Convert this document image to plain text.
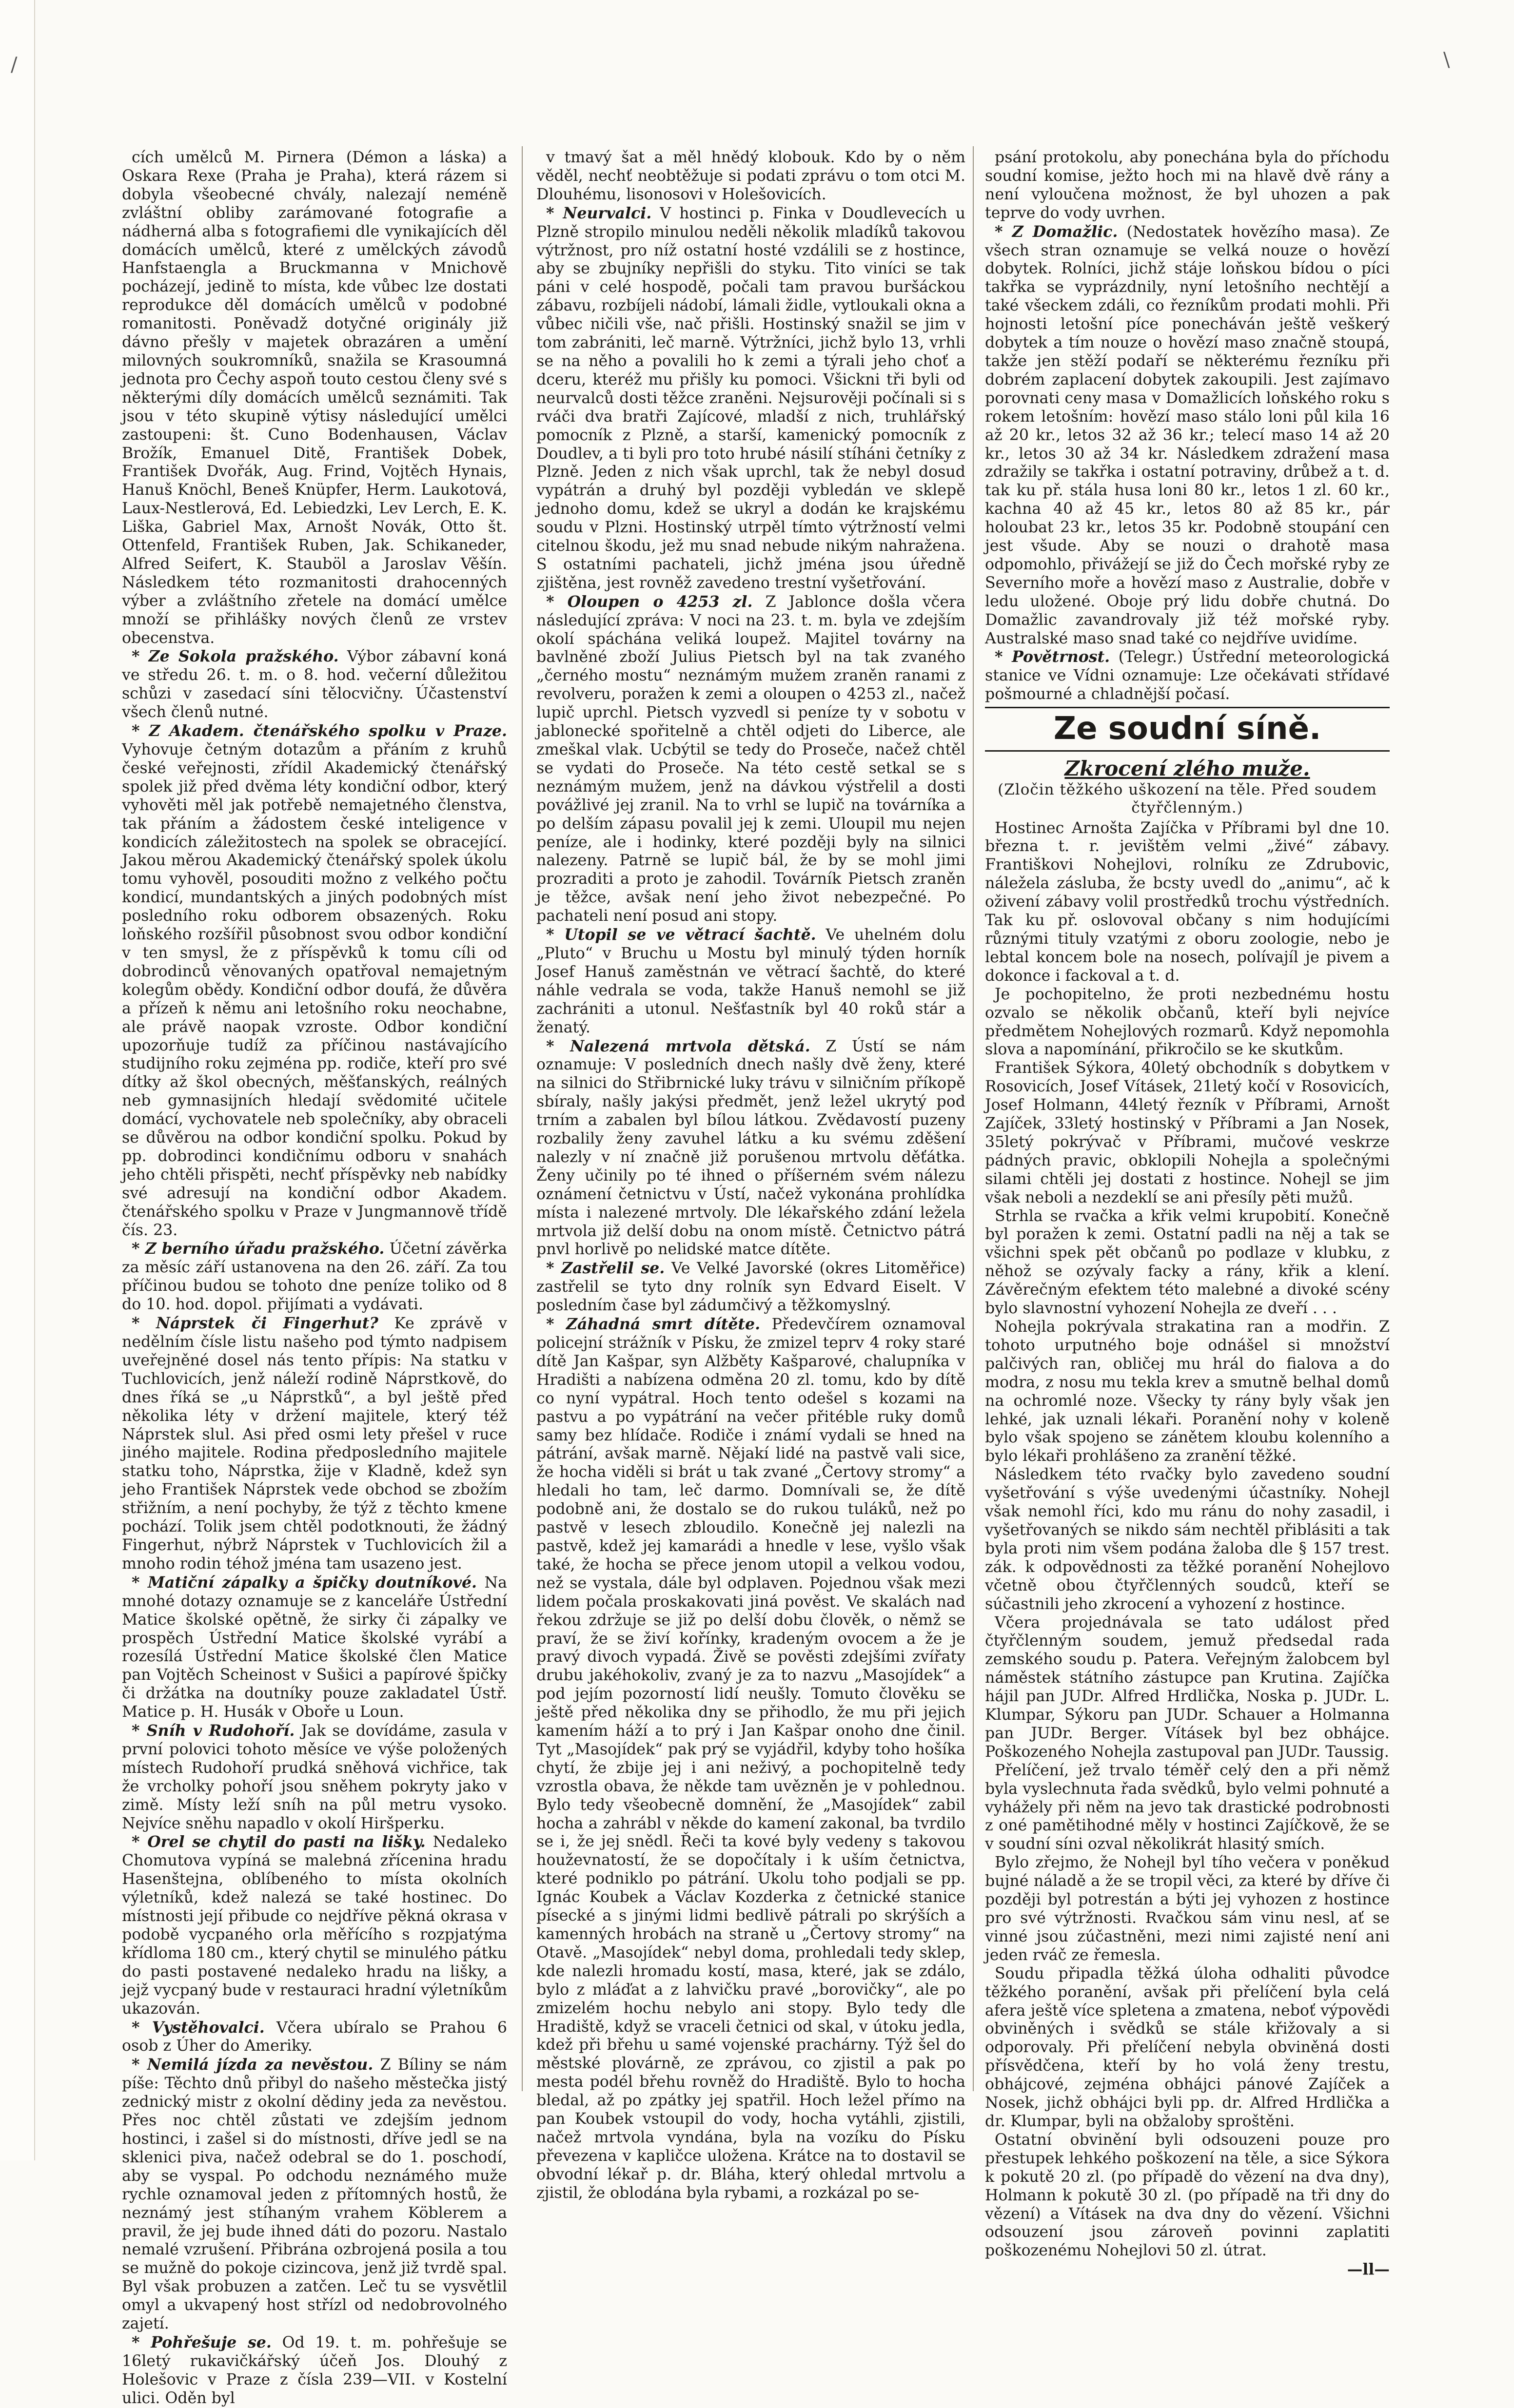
/	\

cích umělců M. Pirnera (Démon a láska) a Oskara Rexe (Praha je Praha), která rázem si dobyla všeobecné chvály, nalezají neméně zvláštní obliby zarámované fotografie a nádherná alba s fotografiemi dle vynikajících děl domácích umělců, které z umělckých závodů Hanfstaengla a Bruckmanna v Mnichově pocházejí, jedině to místa, kde vůbec lze dostati reprodukce děl domácích umělců v podobné romanitosti. Poněvadž dotyčné originály již dávno přešly v majetek obrazáren a umění milovných soukromníků, snažila se Krasoumná jednota pro Čechy aspoň touto cestou členy své s některými díly domácích umělců seznámiti. Tak jsou v této skupině výtisy následující umělci zastoupeni: št. Cuno Bodenhausen, Václav Brožík, Emanuel Ditě, František Dobek, František Dvořák, Aug. Frind, Vojtěch Hynais, Hanuš Knöchl, Beneš Knüpfer, Herm. Laukotová, Laux-Nestlerová, Ed. Lebiedzki, Lev Lerch, E. K. Liška, Gabriel Max, Arnošt Novák, Otto št. Ottenfeld, František Ruben, Jak. Schikaneder, Alfred Seifert, K. Stauböl a Jaroslav Věšín. Následkem této rozmanitosti drahocenných výber a zvláštního zřetele na domácí umělce množí se přihlášky nových členů ze vrstev obecenstva.

* Ze Sokola pražského. Výbor zábavní koná ve středu 26. t. m. o 8. hod. večerní důležitou schůzi v zasedací síni tělocvičny. Účastenství všech členů nutné.

* Z Akadem. čtenářského spolku v Praze. Vyhovuje četným dotazům a přáním z kruhů české veřejnosti, zřídil Akademický čtenářský spolek již před dvěma léty kondiční odbor, který vyhověti měl jak potřebě nemajetného členstva, tak přáním a žádostem české inteligence v kondicích záležitostech na spolek se obracející. Jakou měrou Akademický čtenářský spolek úkolu tomu vyhověl, posouditi možno z velkého počtu kondicí, mundantských a jiných podobných míst posledního roku odborem obsazených. Roku loňského rozšířil působnost svou odbor kondiční v ten smysl, že z příspěvků k tomu cíli od dobrodinců věnovaných opatřoval nemajetným kolegům obědy. Kondiční odbor doufá, že důvěra a přízeň k němu ani letošního roku neochabne, ale právě naopak vzroste. Odbor kondiční upozorňuje tudíž za příčinou nastávajícího studijního roku zejména pp. rodiče, kteří pro své dítky až škol obecných, měšťanských, reálných neb gymnasijních hledají svědomité učitele domácí, vychovatele neb společníky, aby obraceli se důvěrou na odbor kondiční spolku. Pokud by pp. dobrodinci kondičnímu odboru v snahách jeho chtěli přispěti, nechť příspěvky neb nabídky své adresují na kondiční odbor Akadem. čtenářského spolku v Praze v Jungmannově třídě čís. 23.

* Z berního úřadu pražského. Účetní závěrka za měsíc září ustanovena na den 26. září. Za tou příčinou budou se tohoto dne peníze toliko od 8 do 10. hod. dopol. přijímati a vydávati.

* Náprstek či Fingerhut? Ke zprávě v nedělním čísle listu našeho pod týmto nadpisem uveřejněné dosel nás tento přípis: Na statku v Tuchlovicích, jenž náleží rodině Náprstkově, do dnes říká se „u Náprstků“, a byl ještě před několika léty v držení majitele, který též Náprstek slul. Asi před osmi lety přešel v ruce jiného majitele. Rodina předposledního majitele statku toho, Náprstka, žije v Kladně, kdež syn jeho František Náprstek vede obchod se zbožím střižním, a není pochyby, že týž z těchto kmene pochází. Tolik jsem chtěl podotknouti, že žádný Fingerhut, nýbrž Náprstek v Tuchlovicích žil a mnoho rodin téhož jména tam usazeno jest.

* Matiční zápalky a špičky doutníkové. Na mnohé dotazy oznamuje se z kanceláře Ústřední Matice školské opětně, že sirky či zápalky ve prospěch Ústřední Matice školské vyrábí a rozesílá Ústřední Matice školské člen Matice pan Vojtěch Scheinost v Sušici a papírové špičky či držátka na doutníky pouze zakladatel Ústř. Matice p. H. Husák v Oboře u Loun.

* Sníh v Rudohoří. Jak se dovídáme, zasula v první polovici tohoto měsíce ve výše položených místech Rudohoří prudká sněhová vichřice, tak že vrcholky pohoří jsou sněhem pokryty jako v zimě. Místy leží sníh na půl metru vysoko. Nejvíce sněhu napadlo v okolí Hiršperku.

* Orel se chytil do pasti na lišky. Nedaleko Chomutova vypíná se malebná zřícenina hradu Hasenštejna, oblíbeného to místa okolních výletníků, kdež nalezá se také hostinec. Do místnosti její přibude co nejdříve pěkná okrasa v podobě vycpaného orla měřícího s rozpjatýma křídloma 180 cm., který chytil se minulého pátku do pasti postavené nedaleko hradu na lišky, a jejž vycpaný bude v restauraci hradní výletníkům ukazován.

* Vystěhovalci. Včera ubíralo se Prahou 6 osob z Úher do Ameriky.

* Nemilá jízda za nevěstou. Z Bíliny se nám píše: Těchto dnů přibyl do našeho městečka jistý zednický mistr z okolní dědiny jeda za nevěstou. Přes noc chtěl zůstati ve zdejším jednom hostinci, i zašel si do místnosti, dříve jedl se na sklenici piva, načež odebral se do 1. poschodí, aby se vyspal. Po odchodu neznámého muže rychle oznamoval jeden z přítomných hostů, že neznámý jest stíhaným vrahem Köblerem a pravil, že jej bude ihned dáti do pozoru. Nastalo nemalé vzrušení. Přibrána ozbrojená posila a tou se mužně do pokoje cizincova, jenž již tvrdě spal. Byl však probuzen a zatčen. Leč tu se vysvětlil omyl a ukvapený host střízl od nedobrovolného zajetí.

* Pohřešuje se. Od 19. t. m. pohřešuje se 16letý rukavičkářský účeň Jos. Dlouhý z Holešovic v Praze z čísla 239—VII. v Kostelní ulici. Oděn byl

v tmavý šat a měl hnědý klobouk. Kdo by o něm věděl, nechť neobtěžuje si podati zprávu o tom otci M. Dlouhému, lisonosovi v Holešovicích.

* Neurvalci. V hostinci p. Finka v Doudlevecích u Plzně stropilo minulou neděli několik mladíků takovou výtržnost, pro níž ostatní hosté vzdálili se z hostince, aby se zbujníky nepřišli do styku. Tito viníci se tak páni v celé hospodě, počali tam pravou buršáckou zábavu, rozbíjeli nádobí, lámali židle, vytloukali okna a vůbec ničili vše, nač přišli. Hostinský snažil se jim v tom zabrániti, leč marně. Výtržníci, jichž bylo 13, vrhli se na něho a povalili ho k zemi a týrali jeho choť a dceru, kteréž mu přišly ku pomoci. Všickni tři byli od neurvalců dosti těžce zraněni. Nejsurověji počínali si s rváči dva bratři Zajícové, mladší z nich, truhlářský pomocník z Plzně, a starší, kamenický pomocník z Doudlev, a ti byli pro toto hrubé násilí stíháni četníky z Plzně. Jeden z nich však uprchl, tak že nebyl dosud vypátrán a druhý byl později vybledán ve sklepě jednoho domu, kdež se ukryl a dodán ke krajskému soudu v Plzni. Hostinský utrpěl tímto výtržností velmi citelnou škodu, jež mu snad nebude nikým nahražena. S ostatními pachateli, jichž jména jsou úředně zjištěna, jest rovněž zavedeno trestní vyšetřování.

* Oloupen o 4253 zl. Z Jablonce došla včera následující zpráva: V noci na 23. t. m. byla ve zdejším okolí spáchána veliká loupež. Majitel továrny na bavlněné zboží Julius Pietsch byl na tak zvaného „černého mostu“ neznámým mužem zraněn ranami z revolveru, poražen k zemi a oloupen o 4253 zl., načež lupič uprchl. Pietsch vyzvedl si peníze ty v sobotu v jablonecké spořitelně a chtěl odjeti do Liberce, ale zmeškal vlak. Ucbýtil se tedy do Proseče, načež chtěl se vydati do Proseče. Na této cestě setkal se s neznámým mužem, jenž na dávkou výstřelil a dosti povážlivé jej zranil. Na to vrhl se lupič na továrníka a po delším zápasu povalil jej k zemi. Uloupil mu nejen peníze, ale i hodinky, které později byly na silnici nalezeny. Patrně se lupič bál, že by se mohl jimi prozraditi a proto je zahodil. Továrník Pietsch zraněn je těžce, avšak není jeho život nebezpečné. Po pachateli není posud ani stopy.

* Utopil se ve větrací šachtě. Ve uhelném dolu „Pluto“ v Bruchu u Mostu byl minulý týden horník Josef Hanuš zaměstnán ve větrací šachtě, do které náhle vedrala se voda, takže Hanuš nemohl se již zachrániti a utonul. Nešťastník byl 40 roků stár a ženatý.

* Nalezená mrtvola dětská. Z Ústí se nám oznamuje: V posledních dnech našly dvě ženy, které na silnici do Střibrnické luky trávu v silničním příkopě sbíraly, našly jakýsi předmět, jenž ležel ukrytý pod trním a zabalen byl bílou látkou. Zvědavostí puzeny rozbalily ženy zavuhel látku a ku svému zděšení nalezly v ní značně již porušenou mrtvolu děťátka. Ženy učinily po té ihned o příšerném svém nálezu oznámení četnictvu v Ústí, načež vykonána prohlídka místa i nalezené mrtvoly. Dle lékařského zdání ležela mrtvola již delší dobu na onom místě. Četnictvo pátrá pnvl horlivě po nelidské matce dítěte.

* Zastřelil se. Ve Velké Javorské (okres Litoměřice) zastřelil se tyto dny rolník syn Edvard Eiselt. V posledním čase byl zádumčivý a těžkomyslný.

* Záhadná smrt dítěte. Předevčírem oznamoval policejní strážník v Písku, že zmizel teprv 4 roky staré dítě Jan Kašpar, syn Alžběty Kašparové, chalupníka v Hradišti a nabízena odměna 20 zl. tomu, kdo by dítě co nyní vypátral. Hoch tento odešel s kozami na pastvu a po vypátrání na večer přitéble ruky domů samy bez hlídače. Rodiče i známí vydali se hned na pátrání, avšak marně. Nějakí lidé na pastvě vali sice, že hocha viděli si brát u tak zvané „Čertovy stromy“ a hledali ho tam, leč darmo. Domnívali se, že dítě podobně ani, že dostalo se do rukou tuláků, než po pastvě v lesech zbloudilo. Konečně jej nalezli na pastvě, kdež jej kamarádi a hnedle v lese, vyšlo však také, že hocha se přece jenom utopil a velkou vodou, než se vystala, dále byl odplaven. Pojednou však mezi lidem počala proskakovati jiná pověst. Ve skalách nad řekou zdržuje se již po delší dobu člověk, o němž se praví, že se živí kořínky, kradeným ovocem a že je pravý divoch vypadá. Živě se pověsti zdejšími zvířaty drubu jakéhokoliv, zvaný je za to nazvu „Masojídek“ a pod jejím pozorností lidí neušly. Tomuto člověku se ještě před několika dny se přihodlo, že mu při jejich kamením háží a to prý i Jan Kašpar onoho dne činil. Tyt „Masojídek“ pak prý se vyjádřil, kdyby toho hošíka chytí, že zbije jej i ani neživý, a pochopitelně tedy vzrostla obava, že někde tam uvězněn je v pohlednou. Bylo tedy všeobecně domnění, že „Masojídek“ zabil hocha a zahrábl v někde do kamení zakonal, ba tvrdilo se i, že jej snědl. Řeči ta kové byly vedeny s takovou houževnatostí, že se dopočítaly i k uším četnictva, které podniklo po pátrání. Ukolu toho podjali se pp. Ignác Koubek a Václav Kozderka z četnické stanice písecké a s jinými lidmi bedlivě pátrali po skrýších a kamenných hrobách na straně u „Čertovy stromy“ na Otavě. „Masojídek“ nebyl doma, prohledali tedy sklep, kde nalezli hromadu kostí, masa, které, jak se zdálo, bylo z mláďat a z lahvičku pravé „borovičky“, ale po zmizelém hochu nebylo ani stopy. Bylo tedy dle Hradiště, když se vraceli četnici od skal, v útoku jedla, kdež při břehu u samé vojenské prachárny. Týž šel do městské plovárně, ze zprávou, co zjistil a pak po mesta podél břehu rovněž do Hradiště. Bylo to hocha bledal, až po zpátky jej spatřil. Hoch ležel přímo na pan Koubek vstoupil do vody, hocha vytáhli, zjistili, načež mrtvola vyndána, byla na vozíku do Písku převezena v kapličce uložena. Krátce na to dostavil se obvodní lékař p. dr. Bláha, který ohledal mrtvolu a zjistil, že oblodána byla rybami, a rozkázal po se-

psání protokolu, aby ponechána byla do příchodu soudní komise, ježto hoch mi na hlavě dvě rány a není vyloučena možnost, že byl uhozen a pak teprve do vody uvrhen.

* Z Domažlic. (Nedostatek hovězího masa). Ze všech stran oznamuje se velká nouze o hovězí dobytek. Rolníci, jichž stáje loňskou bídou o píci takřka se vyprázdnily, nyní letošního nechtějí a také všeckem zdáli, co řezníkům prodati mohli. Při hojnosti letošní píce ponecháván ještě veškerý dobytek a tím nouze o hovězí maso značně stoupá, takže jen stěží podaří se některému řezníku při dobrém zaplacení dobytek zakoupili. Jest zajímavo porovnati ceny masa v Domažlicích loňského roku s rokem letošním: hovězí maso stálo loni půl kila 16 až 20 kr., letos 32 až 36 kr.; telecí maso 14 až 20 kr., letos 30 až 34 kr. Následkem zdražení masa zdražily se takřka i ostatní potraviny, drůbež a t. d. tak ku př. stála husa loni 80 kr., letos 1 zl. 60 kr., kachna 40 až 45 kr., letos 80 až 85 kr., pár holoubat 23 kr., letos 35 kr. Podobně stoupání cen jest všude. Aby se nouzi o drahotě masa odpomohlo, přivážejí se již do Čech mořské ryby ze Severního moře a hovězí maso z Australie, dobře v ledu uložené. Oboje prý lidu dobře chutná. Do Domažlic zavandrovaly již též mořské ryby. Australské maso snad také co nejdříve uvidíme.

* Povětrnost. (Telegr.) Ústřední meteorologická stanice ve Vídni oznamuje: Lze očekávati střídavé pošmourné a chladnější počasí.

Ze soudní síně.
Zkrocení zlého muže.
(Zločin těžkého uškození na těle. Před soudem čtyřčlenným.)

Hostinec Arnošta Zajíčka v Příbrami byl dne 10. března t. r. jevištěm velmi „živé“ zábavy. Františkovi Nohejlovi, rolníku ze Zdrubovic, náležela zásluba, že bcsty uvedl do „animu“, ač k oživení zábavy volil prostředků trochu výstředních. Tak ku př. oslovoval občany s nim hodujícími různými tituly vzatými z oboru zoologie, nebo je lebtal koncem bole na nosech, polívajíl je pivem a dokonce i fackoval a t. d.

Je pochopitelno, že proti nezbednému hostu ozvalo se několik občanů, kteří byli nejvíce předmětem Nohejlových rozmarů. Když nepomohla slova a napomínání, přikročilo se ke skutkům.

František Sýkora, 40letý obchodník s dobytkem v Rosovicích, Josef Vításek, 21letý kočí v Rosovicích, Josef Holmann, 44letý řezník v Příbrami, Arnošt Zajíček, 33letý hostinský v Příbrami a Jan Nosek, 35letý pokrývač v Příbrami, mučové veskrze pádných pravic, obklopili Nohejla a společnými silami chtěli jej dostati z hostince. Nohejl se jim však neboli a nezdeklí se ani přesíly pěti mužů.

Strhla se rvačka a křik velmi krupobití. Konečně byl poražen k zemi. Ostatní padli na něj a tak se všichni spek pět občanů po podlaze v klubku, z něhož se ozývaly facky a rány, křik a klení. Závěrečným efektem této malebné a divoké scény bylo slavnostní vyhození Nohejla ze dveří . . .

Nohejla pokrývala strakatina ran a modřin. Z tohoto urputného boje odnášel si množství palčivých ran, obličej mu hrál do fialova a do modra, z nosu mu tekla krev a smutně belhal domů na ochromlé noze. Všecky ty rány byly však jen lehké, jak uznali lékaři. Poranění nohy v koleně bylo však spojeno se zánětem kloubu kolenního a bylo lékaři prohlášeno za zranění těžké.

Následkem této rvačky bylo zavedeno soudní vyšetřování s výše uvedenými účastníky. Nohejl však nemohl říci, kdo mu ránu do nohy zasadil, i vyšetřovaných se nikdo sám nechtěl přiblásiti a tak byla proti nim všem podána žaloba dle § 157 trest. zák. k odpovědnosti za těžké poranění Nohejlovo včetně obou čtyřčlenných soudců, kteří se súčastnili jeho zkrocení a vyhození z hostince.

Včera projednávala se tato událost před čtyřčlenným soudem, jemuž předsedal rada zemského soudu p. Patera. Veřejným žalobcem byl náměstek státního zástupce pan Krutina. Zajíčka hájil pan JUDr. Alfred Hrdlička, Noska p. JUDr. L. Klumpar, Sýkoru pan JUDr. Schauer a Holmanna pan JUDr. Berger. Vításek byl bez obhájce. Poškozeného Nohejla zastupoval pan JUDr. Taussig.

Přelíčení, jež trvalo téměř celý den a při němž byla vyslechnuta řada svědků, bylo velmi pohnuté a vyhážely při něm na jevo tak drastické podrobnosti z oné pamětihodné měly v hostinci Zajíčkově, že se v soudní síni ozval několikrát hlasitý smích.

Bylo zřejmo, že Nohejl byl tího večera v poněkud bujné náladě a že se tropil věci, za které by dříve či později byl potrestán a býti jej vyhozen z hostince pro své výtržnosti. Rvačkou sám vinu nesl, ať se vinné jsou zúčastněni, mezi nimi zajisté není ani jeden rváč ze řemesla.

Soudu připadla těžká úloha odhaliti původce těžkého poranění, avšak při přelíčení byla celá afera ještě více spletena a zmatena, neboť výpovědi obviněných i svědků se stále křižovaly a si odporovaly. Při přelíčení nebyla obviněná dosti přísvědčena, kteří by ho volá ženy trestu, obhájcové, zejména obhájci pánové Zajíček a Nosek, jichž obhájci byli pp. dr. Alfred Hrdlička a dr. Klumpar, byli na obžaloby sproštěni.

Ostatní obvinění byli odsouzeni pouze pro přestupek lehkého poškození na těle, a sice Sýkora k pokutě 20 zl. (po případě do vězení na dva dny), Holmann k pokutě 30 zl. (po případě na tři dny do vězení) a Vításek na dva dny do vězení. Všichni odsouzení jsou zároveň povinni zaplatiti poškozenému Nohejlovi 50 zl. útrat.

—ll—
